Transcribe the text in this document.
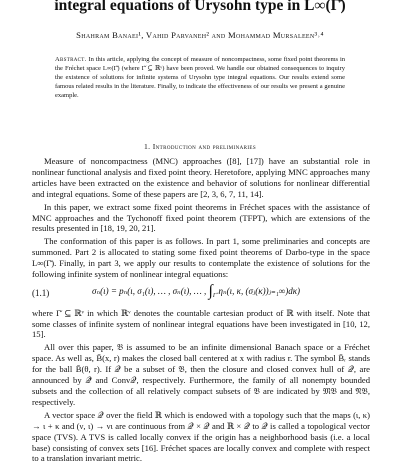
integral equations of Urysohn type in L∞(Γ̆)
Shahram Banaei¹, Vahid Parvaneh² and Mohammad Mursaleen³˒⁴
Abstract. In this article, applying the concept of measure of noncompactness, some fixed point theorems in the Fréchet space L∞(Γ̆) (where Γ̆ ⊆ ℝᵛ) have been proved. We handle our obtained consequences to inquiry the existence of solutions for infinite systems of Urysohn type integral equations. Our results extend some famous related results in the literature. Finally, to indicate the effectiveness of our results we present a genuine example.
1. Introduction and preliminaries

Measure of noncompactness (MNC) approaches ([8], [17]) have an substantial role in nonlinear functional analysis and fixed point theory. Heretofore, applying MNC approaches many articles have been extracted on the existence and behavior of solutions for nonlinear differential and integral equations. Some of these papers are [2, 3, 6, 7, 11, 14].

In this paper, we extract some fixed point theorems in Fréchet spaces with the assistance of MNC approaches and the Tychonoff fixed point theorem (TFPT), which are extensions of the results presented in [18, 19, 20, 21].

The conformation of this paper is as follows. In part 1, some preliminaries and concepts are summoned. Part 2 is allocated to stating some fixed point theorems of Darbo-type in the space L∞(Γ̆). Finally, in part 3, we apply our results to contemplate the existence of solutions for the following infinite system of nonlinear integral equations:

(1.1)	σₙ(ι) = pₙ(ι, σ₁(ι), … , σₙ(ι), … , $\int_{\Gammă}$ ηₙ(ι, κ, (σⱼ(κ))ⱼ₌₁∞)dκ)

where Γ̆ ⊆ ℝᵛ in which ℝᵛ denotes the countable cartesian product of ℝ with itself. Note that some classes of infinite system of nonlinear integral equations have been investigated in [10, 12, 15].

All over this paper, 𝔅 is assumed to be an infinite dimensional Banach space or a Fréchet space. As well as, B̄(x, r) makes the closed ball centered at x with radius r. The symbol B̄ᵣ stands for the ball B̄(θ, r). If 𝒬 be a subset of 𝔅, then the closure and closed convex hull of 𝒬, are announced by 𝒬̄ and Conv𝒬, respectively. Furthermore, the family of all nonempty bounded subsets and the collection of all relatively compact subsets of 𝔅 are indicated by 𝔐𝔅 and 𝔑𝔅, respectively.

A vector space 𝒬 over the field ℝ which is endowed with a topology such that the maps (ι, κ) → ι + κ and (ν, ι) → νι are continuous from 𝒬 × 𝒬 and ℝ × 𝒬 to 𝒬 is called a topological vector space (TVS). A TVS is called locally convex if the origin has a neighborhood basis (i.e. a local base) consisting of convex sets [16]. Fréchet spaces are locally convex and complete with respect to a translation invariant metric.
